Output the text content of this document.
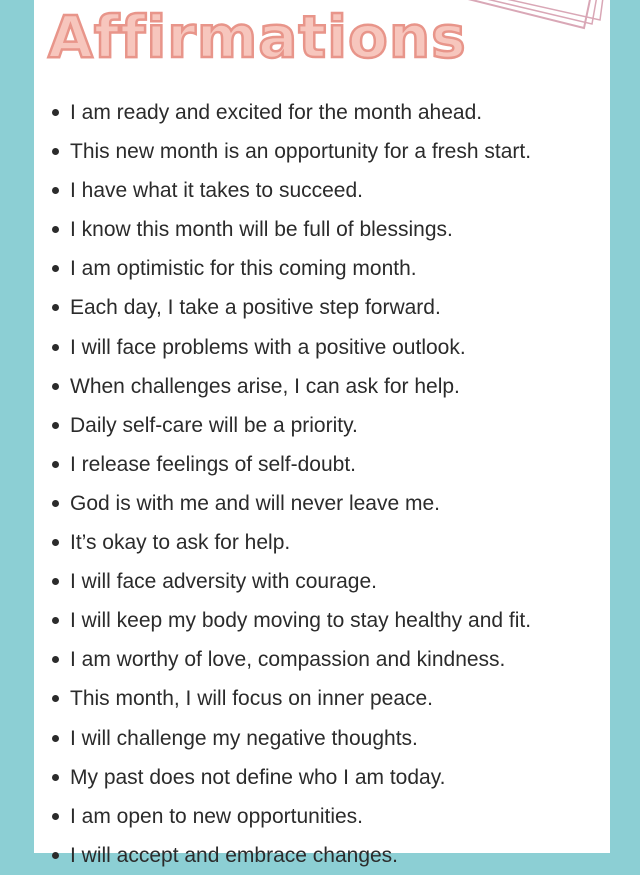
Affirmations
I am ready and excited for the month ahead.
This new month is an opportunity for a fresh start.
I have what it takes to succeed.
I know this month will be full of blessings.
I am optimistic for this coming month.
Each day, I take a positive step forward.
I will face problems with a positive outlook.
When challenges arise, I can ask for help.
Daily self-care will be a priority.
I release feelings of self-doubt.
God is with me and will never leave me.
It’s okay to ask for help.
I will face adversity with courage.
I will keep my body moving to stay healthy and fit.
I am worthy of love, compassion and kindness.
This month, I will focus on inner peace.
I will challenge my negative thoughts.
My past does not define who I am today.
I am open to new opportunities.
I will accept and embrace changes.
